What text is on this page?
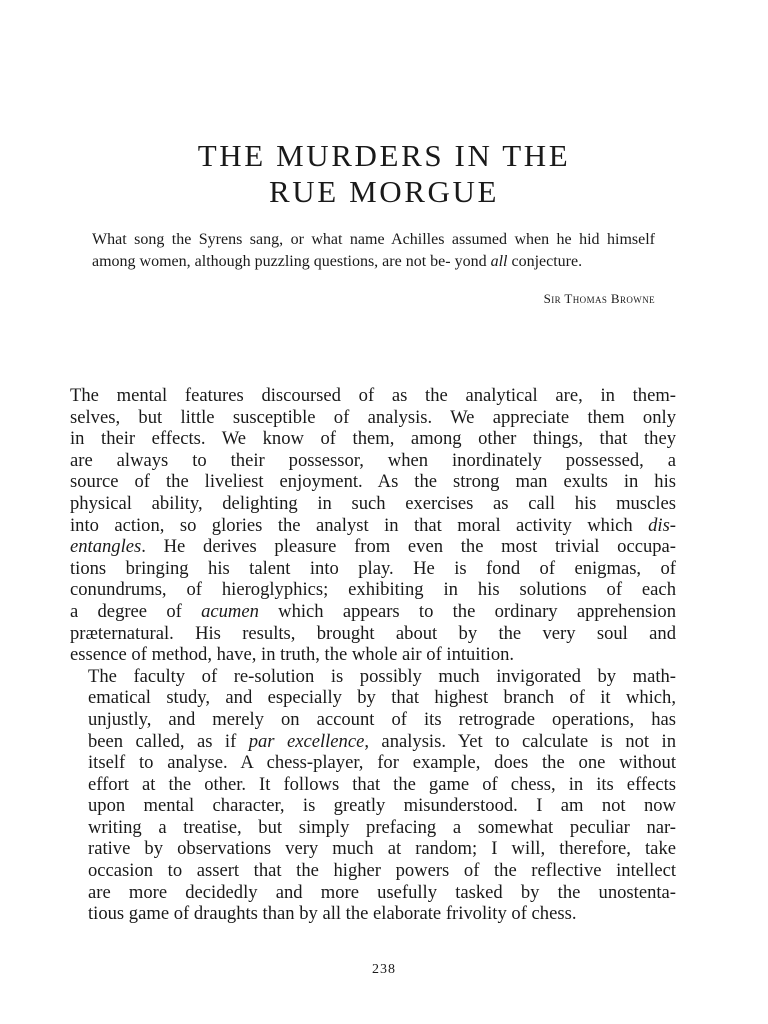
THE MURDERS IN THE
RUE MORGUE

What song the Syrens sang, or what name Achilles assumed when he hid himself among women, although puzzling questions, are not be- yond all conjecture.

Sir Thomas Browne

The mental features discoursed of as the analytical are, in them-
selves, but little susceptible of analysis. We appreciate them only
in their effects. We know of them, among other things, that they
are always to their possessor, when inordinately possessed, a
source of the liveliest enjoyment. As the strong man exults in his
physical ability, delighting in such exercises as call his muscles
into action, so glories the analyst in that moral activity which dis-
entangles. He derives pleasure from even the most trivial occupa-
tions bringing his talent into play. He is fond of enigmas, of
conundrums, of hieroglyphics; exhibiting in his solutions of each
a degree of acumen which appears to the ordinary apprehension
præternatural. His results, brought about by the very soul and
essence of method, have, in truth, the whole air of intuition.

The faculty of re-solution is possibly much invigorated by math-
ematical study, and especially by that highest branch of it which,
unjustly, and merely on account of its retrograde operations, has
been called, as if par excellence, analysis. Yet to calculate is not in
itself to analyse. A chess-player, for example, does the one without
effort at the other. It follows that the game of chess, in its effects
upon mental character, is greatly misunderstood. I am not now
writing a treatise, but simply prefacing a somewhat peculiar nar-
rative by observations very much at random; I will, therefore, take
occasion to assert that the higher powers of the reflective intellect
are more decidedly and more usefully tasked by the unostenta-
tious game of draughts than by all the elaborate frivolity of chess.

238
